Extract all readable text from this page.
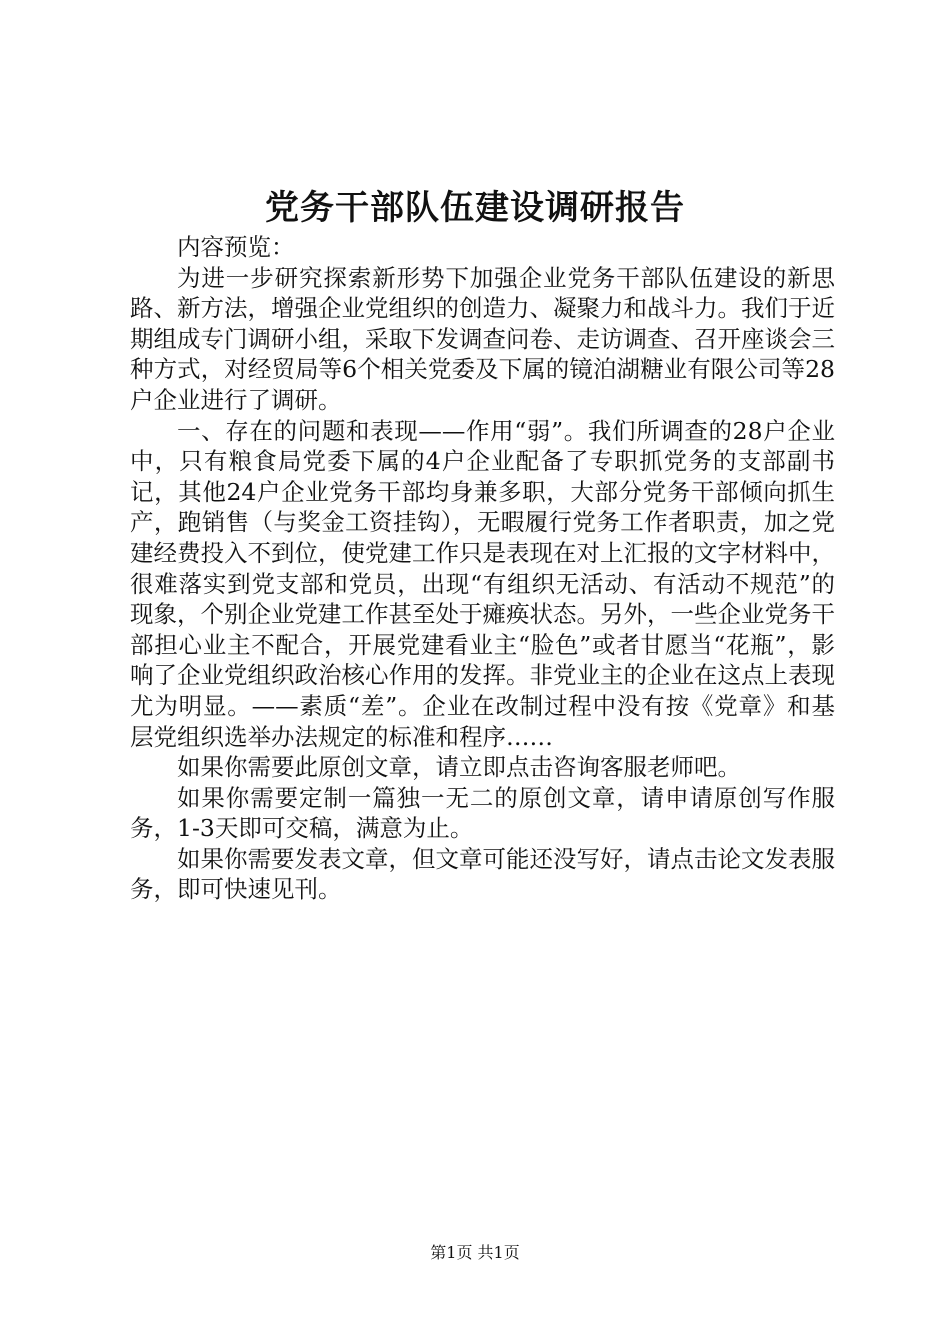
党务干部队伍建设调研报告

内容预览：

为进一步研究探索新形势下加强企业党务干部队伍建设的新思路、新方法，增强企业党组织的创造力、凝聚力和战斗力。我们于近期组成专门调研小组，采取下发调查问卷、走访调查、召开座谈会三种方式，对经贸局等6个相关党委及下属的镜泊湖糖业有限公司等28户企业进行了调研。

一、存在的问题和表现——作用“弱”。我们所调查的28户企业中，只有粮食局党委下属的4户企业配备了专职抓党务的支部副书记，其他24户企业党务干部均身兼多职，大部分党务干部倾向抓生产，跑销售（与奖金工资挂钩），无暇履行党务工作者职责，加之党建经费投入不到位，使党建工作只是表现在对上汇报的文字材料中，很难落实到党支部和党员，出现“有组织无活动、有活动不规范”的现象，个别企业党建工作甚至处于瘫痪状态。另外，一些企业党务干部担心业主不配合，开展党建看业主“脸色”或者甘愿当“花瓶”，影响了企业党组织政治核心作用的发挥。非党业主的企业在这点上表现尤为明显。——素质“差”。企业在改制过程中没有按《党章》和基层党组织选举办法规定的标准和程序……

如果你需要此原创文章，请立即点击咨询客服老师吧。

如果你需要定制一篇独一无二的原创文章，请申请原创写作服务，1-3天即可交稿，满意为止。

如果你需要发表文章，但文章可能还没写好，请点击论文发表服务，即可快速见刊。

第1页 共1页
